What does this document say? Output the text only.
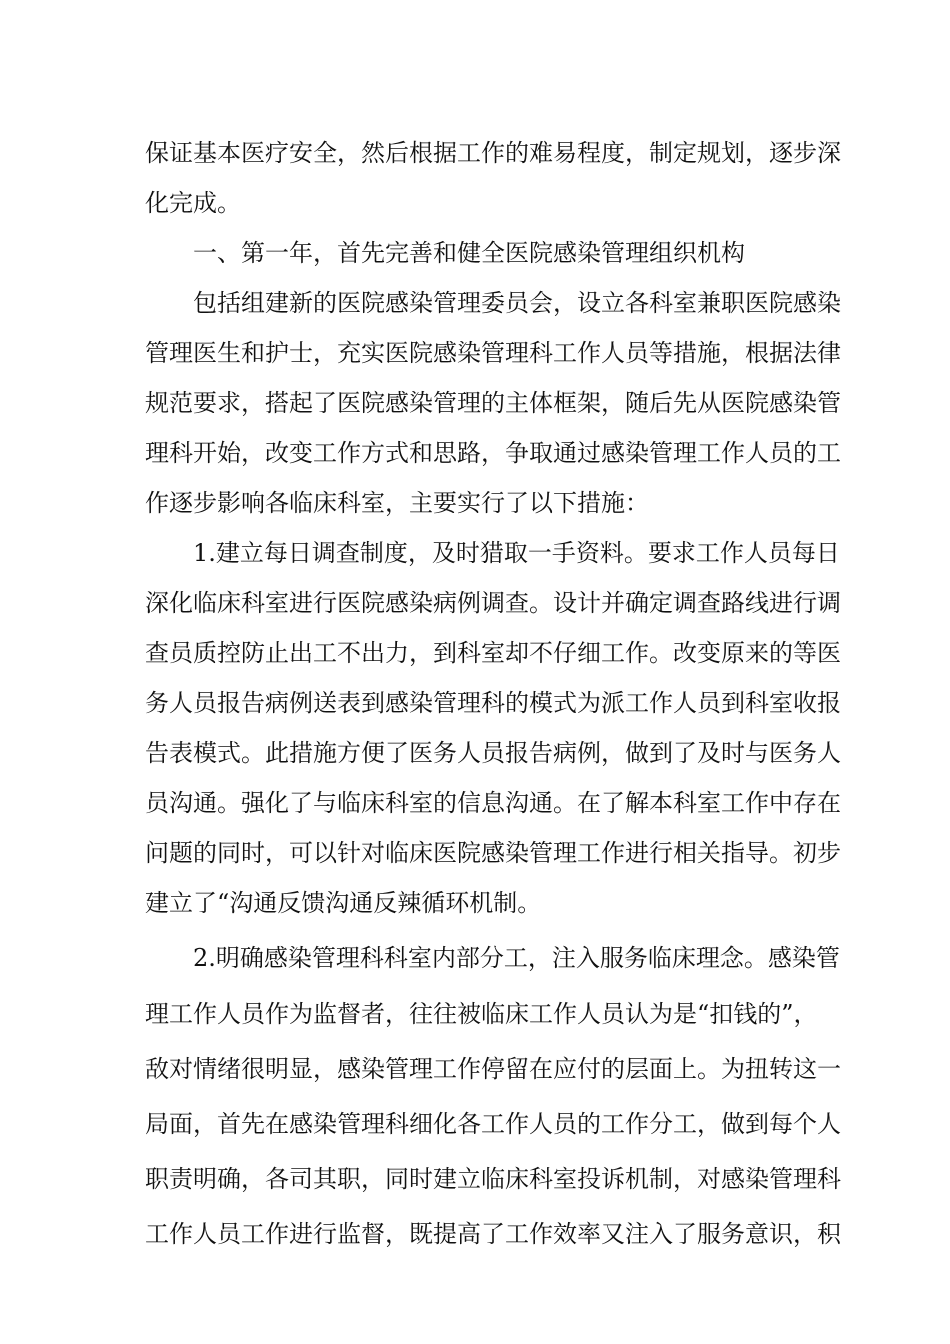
保证基本医疗安全，然后根据工作的难易程度，制定规划，逐步深
化完成。
一、第一年，首先完善和健全医院感染管理组织机构
包括组建新的医院感染管理委员会，设立各科室兼职医院感染
管理医生和护士，充实医院感染管理科工作人员等措施，根据法律
规范要求，搭起了医院感染管理的主体框架，随后先从医院感染管
理科开始，改变工作方式和思路，争取通过感染管理工作人员的工
作逐步影响各临床科室，主要实行了以下措施：
1.建立每日调查制度，及时猎取一手资料。要求工作人员每日
深化临床科室进行医院感染病例调查。设计并确定调查路线进行调
查员质控防止出工不出力，到科室却不仔细工作。改变原来的等医
务人员报告病例送表到感染管理科的模式为派工作人员到科室收报
告表模式。此措施方便了医务人员报告病例，做到了及时与医务人
员沟通。强化了与临床科室的信息沟通。在了解本科室工作中存在
问题的同时，可以针对临床医院感染管理工作进行相关指导。初步
建立了“沟通反馈沟通反辣循环机制。
2.明确感染管理科科室内部分工，注入服务临床理念。感染管
理工作人员作为监督者，往往被临床工作人员认为是“扣钱的”，
敌对情绪很明显，感染管理工作停留在应付的层面上。为扭转这一
局面，首先在感染管理科细化各工作人员的工作分工，做到每个人
职责明确，各司其职，同时建立临床科室投诉机制，对感染管理科
工作人员工作进行监督，既提高了工作效率又注入了服务意识，积
